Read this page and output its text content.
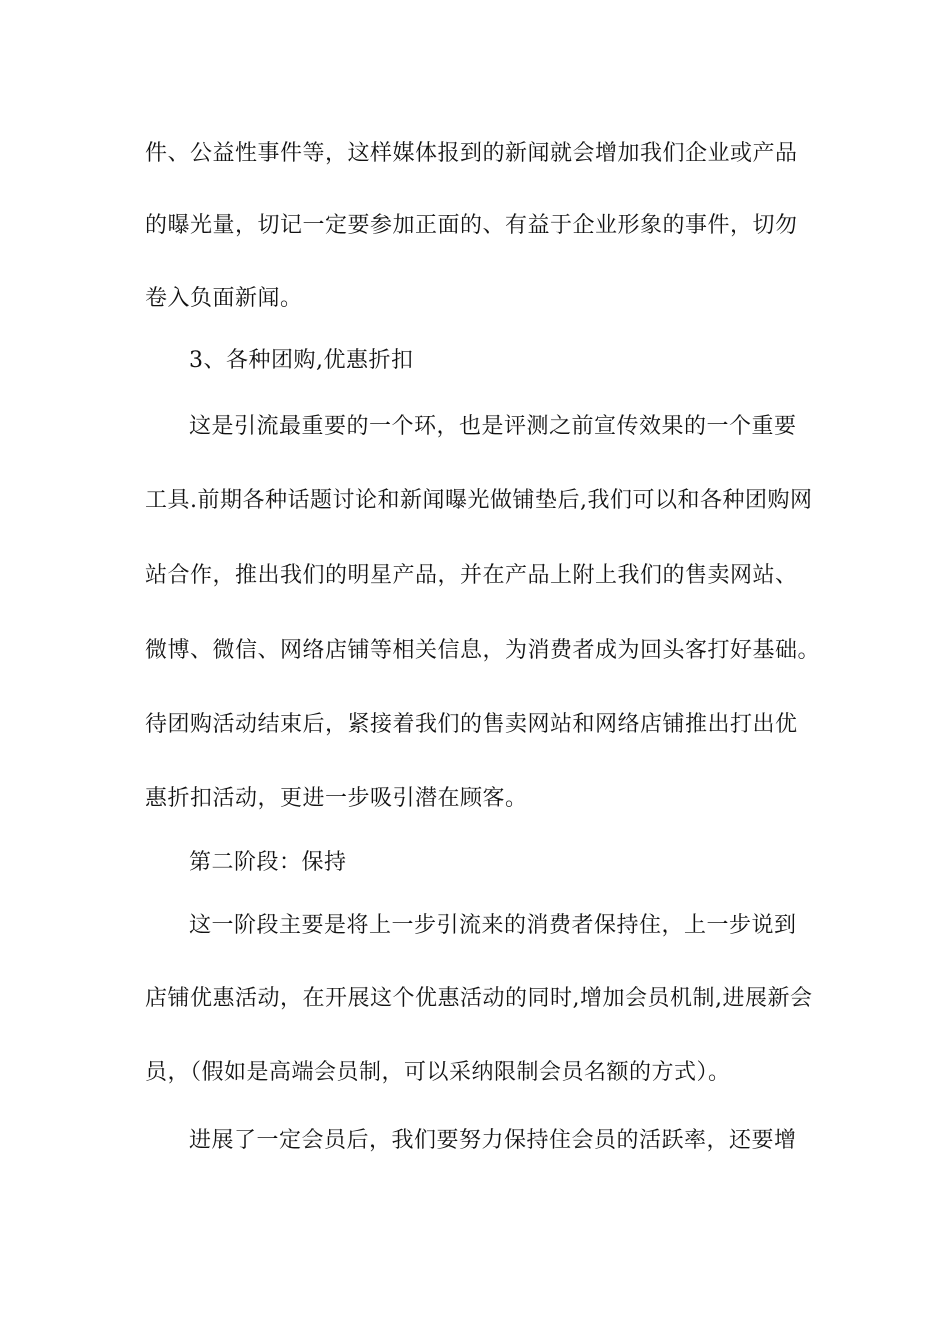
件、公益性事件等，这样媒体报到的新闻就会增加我们企业或产品
的曝光量，切记一定要参加正面的、有益于企业形象的事件，切勿
卷入负面新闻。
3、各种团购,优惠折扣
这是引流最重要的一个环，也是评测之前宣传效果的一个重要
工具.前期各种话题讨论和新闻曝光做铺垫后,我们可以和各种团购网
站合作，推出我们的明星产品，并在产品上附上我们的售卖网站、
微博、微信、网络店铺等相关信息，为消费者成为回头客打好基础。
待团购活动结束后，紧接着我们的售卖网站和网络店铺推出打出优
惠折扣活动，更进一步吸引潜在顾客。
第二阶段：保持
这一阶段主要是将上一步引流来的消费者保持住，上一步说到
店铺优惠活动，在开展这个优惠活动的同时,增加会员机制,进展新会
员，（假如是高端会员制，可以采纳限制会员名额的方式）。
进展了一定会员后，我们要努力保持住会员的活跃率，还要增
